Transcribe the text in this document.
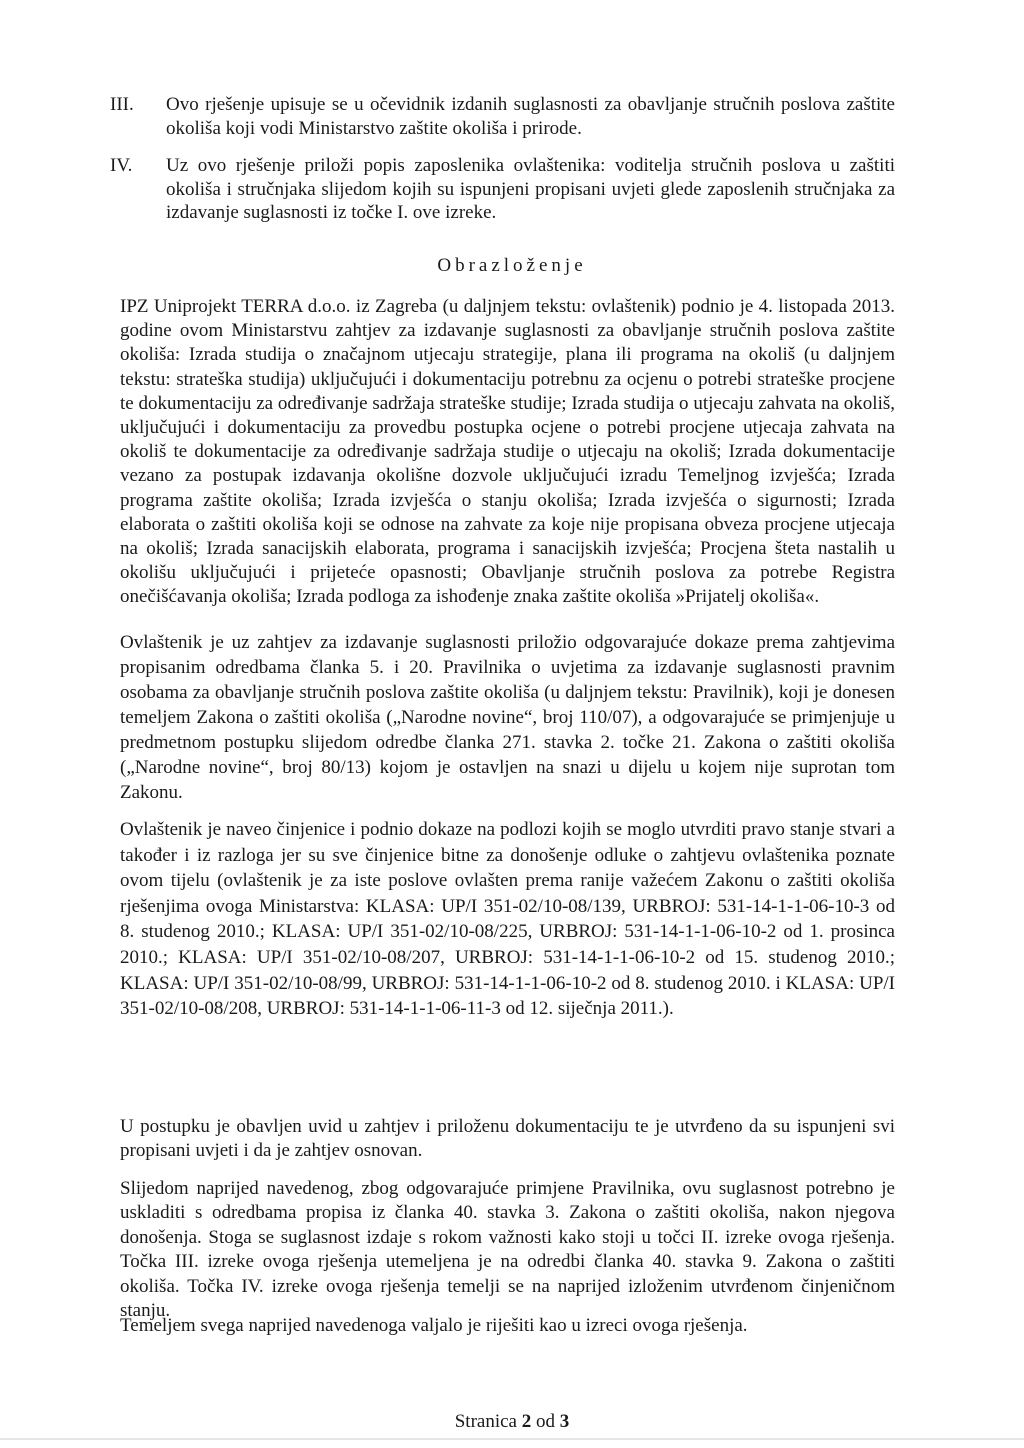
III.	Ovo rješenje upisuje se u očevidnik izdanih suglasnosti za obavljanje stručnih poslova zaštite okoliša koji vodi Ministarstvo zaštite okoliša i prirode.
IV.	Uz ovo rješenje priloži popis zaposlenika ovlaštenika: voditelja stručnih poslova u zaštiti okoliša i stručnjaka slijedom kojih su ispunjeni propisani uvjeti glede zaposlenih stručnjaka za izdavanje suglasnosti iz točke I. ove izreke.
Obrazloženje
IPZ Uniprojekt TERRA d.o.o. iz Zagreba (u daljnjem tekstu: ovlaštenik) podnio je 4. listopada 2013. godine ovom Ministarstvu zahtjev za izdavanje suglasnosti za obavljanje stručnih poslova zaštite okoliša: Izrada studija o značajnom utjecaju strategije, plana ili programa na okoliš (u daljnjem tekstu: strateška studija) uključujući i dokumentaciju potrebnu za ocjenu o potrebi strateške procjene te dokumentaciju za određivanje sadržaja strateške studije; Izrada studija o utjecaju zahvata na okoliš, uključujući i dokumentaciju za provedbu postupka ocjene o potrebi procjene utjecaja zahvata na okoliš te dokumentacije za određivanje sadržaja studije o utjecaju na okoliš; Izrada dokumentacije vezano za postupak izdavanja okolišne dozvole uključujući izradu Temeljnog izvješća; Izrada programa zaštite okoliša; Izrada izvješća o stanju okoliša; Izrada izvješća o sigurnosti; Izrada elaborata o zaštiti okoliša koji se odnose na zahvate za koje nije propisana obveza procjene utjecaja na okoliš; Izrada sanacijskih elaborata, programa i sanacijskih izvješća; Procjena šteta nastalih u okolišu uključujući i prijeteće opasnosti; Obavljanje stručnih poslova za potrebe Registra onečišćavanja okoliša; Izrada podloga za ishođenje znaka zaštite okoliša »Prijatelj okoliša«.
Ovlaštenik je uz zahtjev za izdavanje suglasnosti priložio odgovarajuće dokaze prema zahtjevima propisanim odredbama članka 5. i 20. Pravilnika o uvjetima za izdavanje suglasnosti pravnim osobama za obavljanje stručnih poslova zaštite okoliša (u daljnjem tekstu: Pravilnik), koji je donesen temeljem Zakona o zaštiti okoliša („Narodne novine“, broj 110/07), a odgovarajuće se primjenjuje u predmetnom postupku slijedom odredbe članka 271. stavka 2. točke 21. Zakona o zaštiti okoliša („Narodne novine“, broj 80/13) kojom je ostavljen na snazi u dijelu u kojem nije suprotan tom Zakonu.
Ovlaštenik je naveo činjenice i podnio dokaze na podlozi kojih se moglo utvrditi pravo stanje stvari a također i iz razloga jer su sve činjenice bitne za donošenje odluke o zahtjevu ovlaštenika poznate ovom tijelu (ovlaštenik je za iste poslove ovlašten prema ranije važećem Zakonu o zaštiti okoliša rješenjima ovoga Ministarstva: KLASA: UP/I 351-02/10-08/139, URBROJ: 531-14-1-1-06-10-3 od 8. studenog 2010.; KLASA: UP/I 351-02/10-08/225, URBROJ: 531-14-1-1-06-10-2 od 1. prosinca 2010.; KLASA: UP/I 351-02/10-08/207, URBROJ: 531-14-1-1-06-10-2 od 15. studenog 2010.; KLASA: UP/I 351-02/10-08/99, URBROJ: 531-14-1-1-06-10-2 od 8. studenog 2010. i KLASA: UP/I 351-02/10-08/208, URBROJ: 531-14-1-1-06-11-3 od 12. siječnja 2011.).
U postupku je obavljen uvid u zahtjev i priloženu dokumentaciju te je utvrđeno da su ispunjeni svi propisani uvjeti i da je zahtjev osnovan.
Slijedom naprijed navedenog, zbog odgovarajuće primjene Pravilnika, ovu suglasnost potrebno je uskladiti s odredbama propisa iz članka 40. stavka 3. Zakona o zaštiti okoliša, nakon njegova donošenja. Stoga se suglasnost izdaje s rokom važnosti kako stoji u točci II. izreke ovoga rješenja. Točka III. izreke ovoga rješenja utemeljena je na odredbi članka 40. stavka 9. Zakona o zaštiti okoliša. Točka IV. izreke ovoga rješenja temelji se na naprijed izloženim utvrđenom činjeničnom stanju.
Temeljem svega naprijed navedenoga valjalo je riješiti kao u izreci ovoga rješenja.
Stranica 2 od 3
